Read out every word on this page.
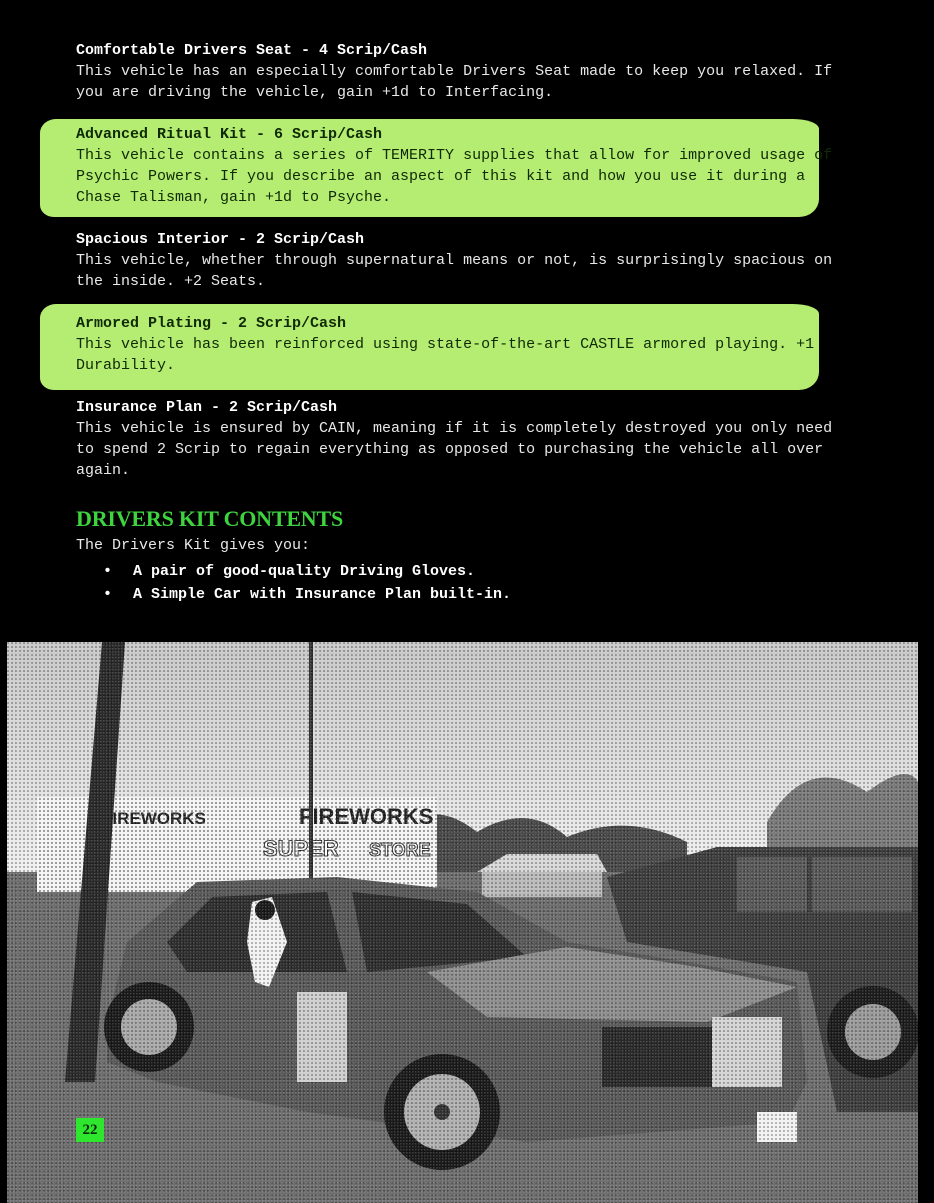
Comfortable Drivers Seat - 4 Scrip/Cash
This vehicle has an especially comfortable Drivers Seat made to keep you relaxed. If you are driving the vehicle, gain +1d to Interfacing.
Advanced Ritual Kit - 6 Scrip/Cash
This vehicle contains a series of TEMERITY supplies that allow for improved usage of Psychic Powers. If you describe an aspect of this kit and how you use it during a Chase Talisman, gain +1d to Psyche.
Spacious Interior - 2 Scrip/Cash
This vehicle, whether through supernatural means or not, is surprisingly spacious on the inside. +2 Seats.
Armored Plating - 2 Scrip/Cash
This vehicle has been reinforced using state-of-the-art CASTLE armored playing. +1 Durability.
Insurance Plan - 2 Scrip/Cash
This vehicle is ensured by CAIN, meaning if it is completely destroyed you only need to spend 2 Scrip to regain everything as opposed to purchasing the vehicle all over again.
DRIVERS KIT CONTENTS
The Drivers Kit gives you:
• A pair of good-quality Driving Gloves.
• A Simple Car with Insurance Plan built-in.
22
